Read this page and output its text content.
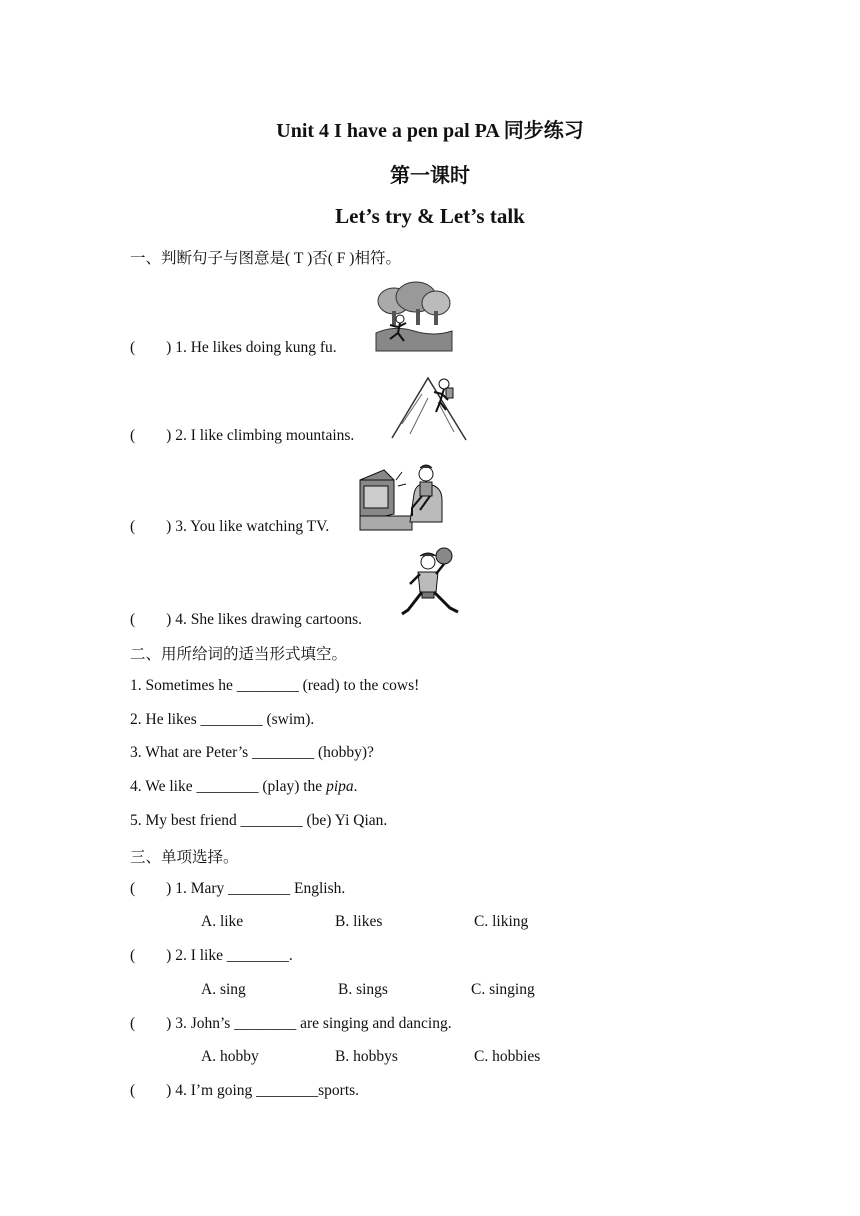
Unit 4 I have a pen pal PA 同步练习
第一课时
Let’s try & Let’s talk
一、判断句子与图意是( T )否( F )相符。
(        ) 1. He likes doing kung fu.
(        ) 2. I like climbing mountains.
(        ) 3. You like watching TV.
(        ) 4. She likes drawing cartoons.
二、用所给词的适当形式填空。
1. Sometimes he ________ (read) to the cows!
2. He likes ________ (swim).
3. What are Peter’s ________ (hobby)?
4. We like ________ (play) the pipa.
5. My best friend ________ (be) Yi Qian.
三、单项选择。
(        ) 1. Mary ________ English.
A. like	B. likes	C. liking
(        ) 2. I like ________.
A. sing	B. sings	C. singing
(        ) 3. John’s ________ are singing and dancing.
A. hobby	B. hobbys	C. hobbies
(        ) 4. I’m going ________sports.
